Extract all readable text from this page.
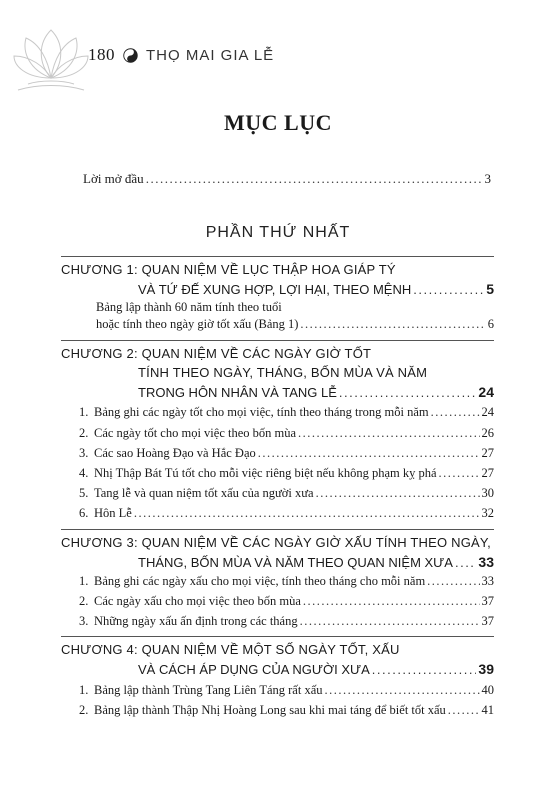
180 THỌ MAI GIA LỄ
MỤC LỤC
Lời mở đầu .....	3
PHẦN THỨ NHẤT
CHƯƠNG 1: QUAN NIỆM VỀ LỤC THẬP HOA GIÁP TÝ
VÀ TỨ ĐẾ XUNG HỢP, LỢI HẠI, THEO MỆNH .....	5
Bảng lập thành 60 năm tính theo tuổi
hoặc tính theo ngày giờ tốt xấu (Bảng 1) .....	6
CHƯƠNG 2: QUAN NIỆM VỀ CÁC NGÀY GIỜ TỐT
TÍNH THEO NGÀY, THÁNG, BỐN MÙA VÀ NĂM
TRONG HÔN NHÂN VÀ TANG LỄ .....	24
1. Bảng ghi các ngày tốt cho mọi việc, tính theo tháng trong mỗi năm .....	24
2. Các ngày tốt cho mọi việc theo bốn mùa .....	26
3. Các sao Hoàng Đạo và Hắc Đạo .....	27
4. Nhị Thập Bát Tú tốt cho mỗi việc riêng biệt nếu không phạm kỵ phá .....	27
5. Tang lễ và quan niệm tốt xấu của người xưa .....	30
6. Hôn Lễ .....	32
CHƯƠNG 3: QUAN NIỆM VỀ CÁC NGÀY GIỜ XẤU TÍNH THEO NGÀY,
THÁNG, BỐN MÙA VÀ NĂM THEO QUAN NIỆM XƯA ..... 33
1. Bảng ghi các ngày xấu cho mọi việc, tính theo tháng cho mỗi năm .....	33
2. Các ngày xấu cho mọi việc theo bốn mùa .....	37
3. Những ngày xấu ấn định trong các tháng .....	37
CHƯƠNG 4: QUAN NIỆM VỀ MỘT SỐ NGÀY TỐT, XẤU
VÀ CÁCH ÁP DỤNG CỦA NGƯỜI XƯA .....	39
1. Bảng lập thành Trùng Tang Liên Táng rất xấu .....	40
2. Bảng lập thành Thập Nhị Hoàng Long sau khi mai táng để biết tốt xấu .....	41
